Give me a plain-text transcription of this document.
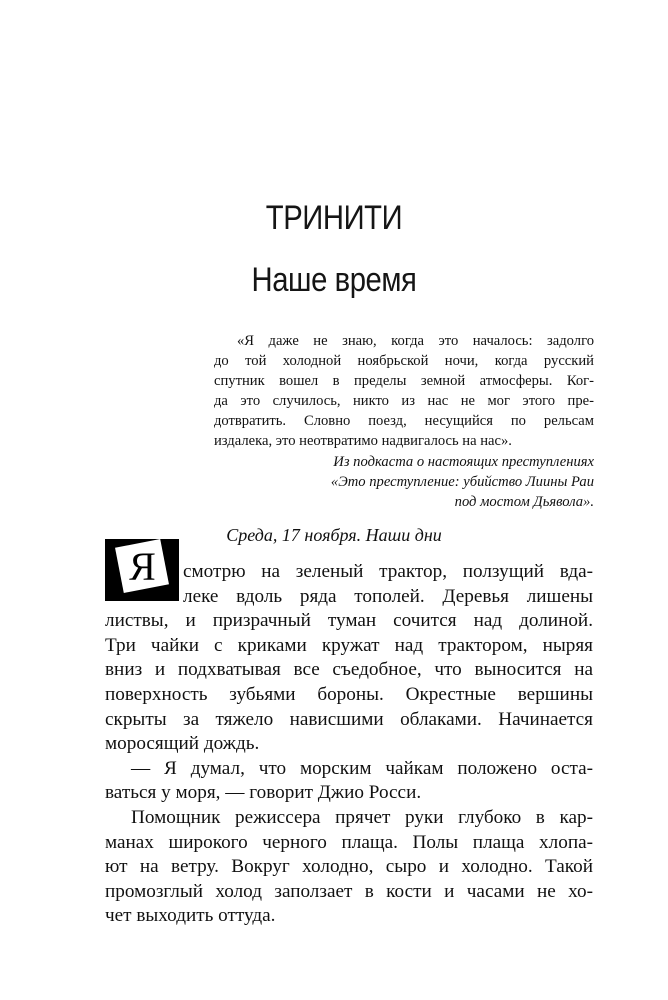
ТРИНИТИ
Наше время
«Я даже не знаю, когда это началось: задолго
до той холодной ноябрьской ночи, когда русский
спутник вошел в пределы земной атмосферы. Ког-
да это случилось, никто из нас не мог этого пре-
дотвратить. Словно поезд, несущийся по рельсам
издалека, это неотвратимо надвигалось на нас».
Из подкаста о настоящих преступлениях
«Это преступление: убийство Лиины Раи
под мостом Дьявола».
Среда, 17 ноября. Наши дни
Я	смотрю на зеленый трактор, ползущий вда-
леке вдоль ряда тополей. Деревья лишены
листвы, и призрачный туман сочится над долиной.
Три чайки с криками кружат над трактором, ныряя
вниз и подхватывая все съедобное, что выносится на
поверхность зубьями бороны. Окрестные вершины
скрыты за тяжело нависшими облаками. Начинается
моросящий дождь.
— Я думал, что морским чайкам положено оста-
ваться у моря, — говорит Джио Росси.
Помощник режиссера прячет руки глубоко в кар-
манах широкого черного плаща. Полы плаща хлопа-
ют на ветру. Вокруг холодно, сыро и холодно. Такой
промозглый холод заползает в кости и часами не хо-
чет выходить оттуда.
